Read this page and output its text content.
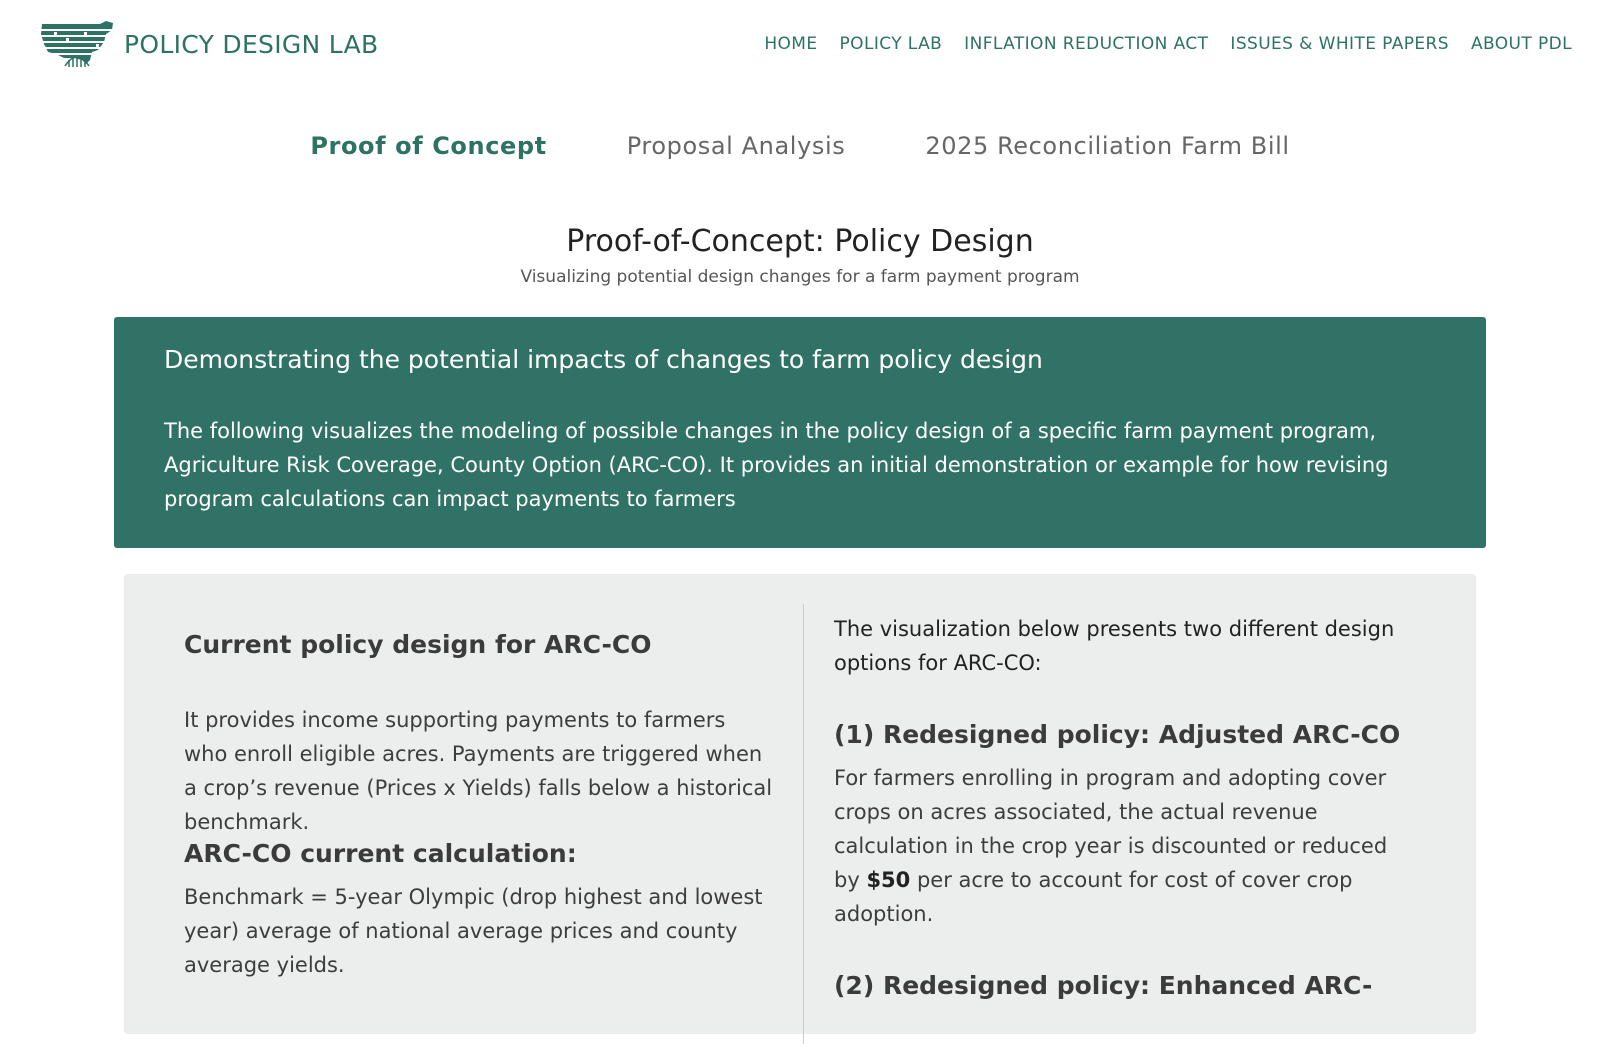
POLICY DESIGN LAB	HOME POLICY LAB INFLATION REDUCTION ACT ISSUES & WHITE PAPERS ABOUT PDL
Proof of Concept	Proposal Analysis	2025 Reconciliation Farm Bill
Proof-of-Concept: Policy Design
Visualizing potential design changes for a farm payment program
Demonstrating the potential impacts of changes to farm policy design

The following visualizes the modeling of possible changes in the policy design of a specific farm payment program, Agriculture Risk Coverage, County Option (ARC-CO). It provides an initial demonstration or example for how revising program calculations can impact payments to farmers

Current policy design for ARC-CO

It provides income supporting payments to farmers who enroll eligible acres. Payments are triggered when a crop’s revenue (Prices x Yields) falls below a historical benchmark.

ARC-CO current calculation:

Benchmark = 5-year Olympic (drop highest and lowest year) average of national average prices and county average yields.

The visualization below presents two different design options for ARC-CO:

(1) Redesigned policy: Adjusted ARC-CO

For farmers enrolling in program and adopting cover crops on acres associated, the actual revenue calculation in the crop year is discounted or reduced by $50 per acre to account for cost of cover crop adoption.

(2) Redesigned policy: Enhanced ARC-
